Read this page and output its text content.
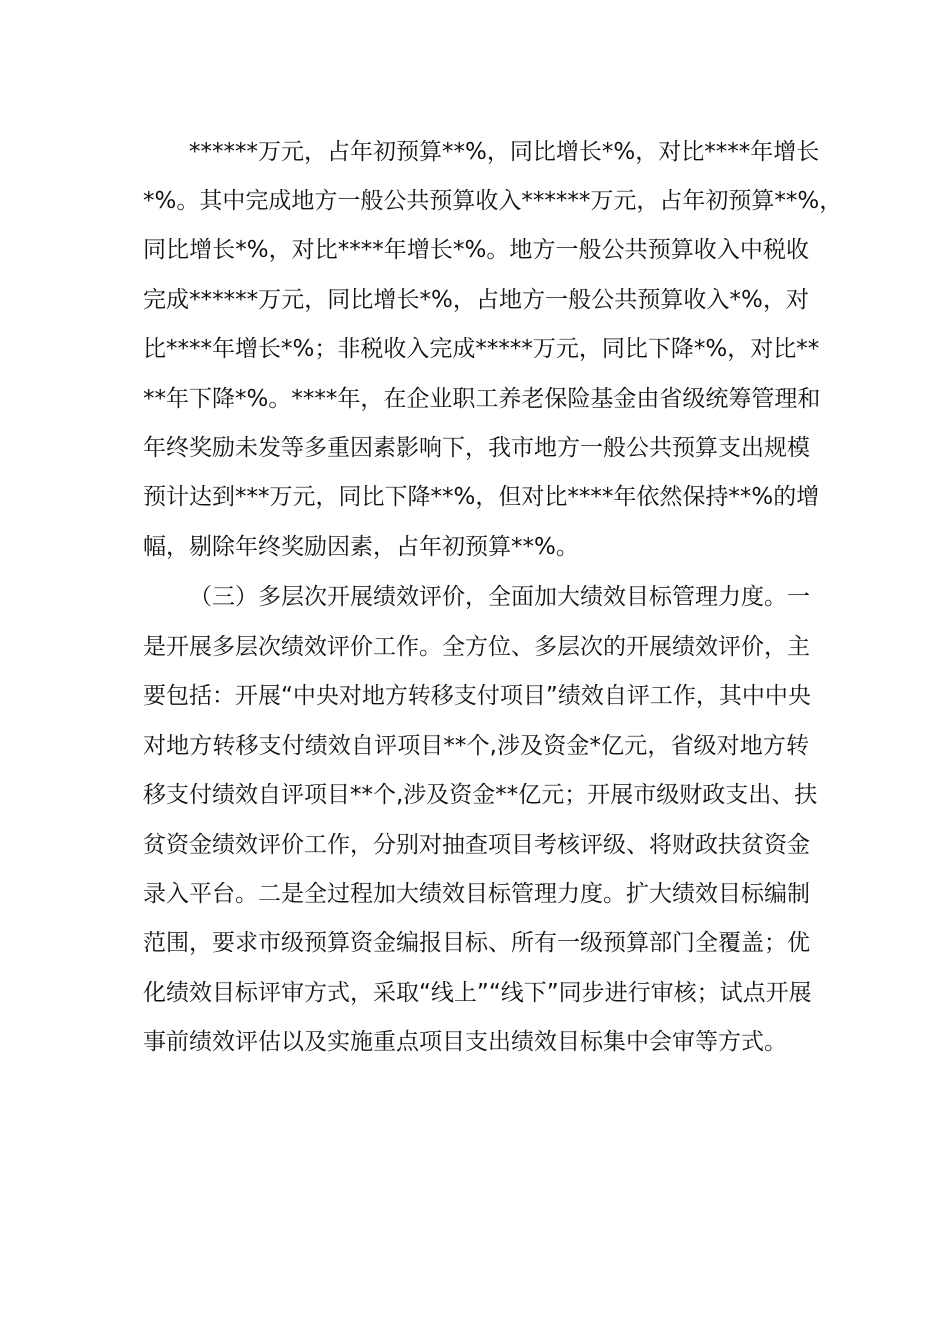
******万元，占年初预算**%，同比增长*%，对比****年增长
*%。其中完成地方一般公共预算收入******万元，占年初预算**%，
同比增长*%，对比****年增长*%。地方一般公共预算收入中税收
完成******万元，同比增长*%，占地方一般公共预算收入*%，对
比****年增长*%；非税收入完成*****万元，同比下降*%，对比**
**年下降*%。****年，在企业职工养老保险基金由省级统筹管理和
年终奖励未发等多重因素影响下，我市地方一般公共预算支出规模
预计达到***万元，同比下降**%，但对比****年依然保持**%的增
幅，剔除年终奖励因素，占年初预算**%。
（三）多层次开展绩效评价，全面加大绩效目标管理力度。一
是开展多层次绩效评价工作。全方位、多层次的开展绩效评价，主
要包括：开展“中央对地方转移支付项目”绩效自评工作，其中中央
对地方转移支付绩效自评项目**个,涉及资金*亿元，省级对地方转
移支付绩效自评项目**个,涉及资金**亿元；开展市级财政支出、扶
贫资金绩效评价工作，分别对抽查项目考核评级、将财政扶贫资金
录入平台。二是全过程加大绩效目标管理力度。扩大绩效目标编制
范围，要求市级预算资金编报目标、所有一级预算部门全覆盖；优
化绩效目标评审方式，采取“线上”“线下”同步进行审核；试点开展
事前绩效评估以及实施重点项目支出绩效目标集中会审等方式。
